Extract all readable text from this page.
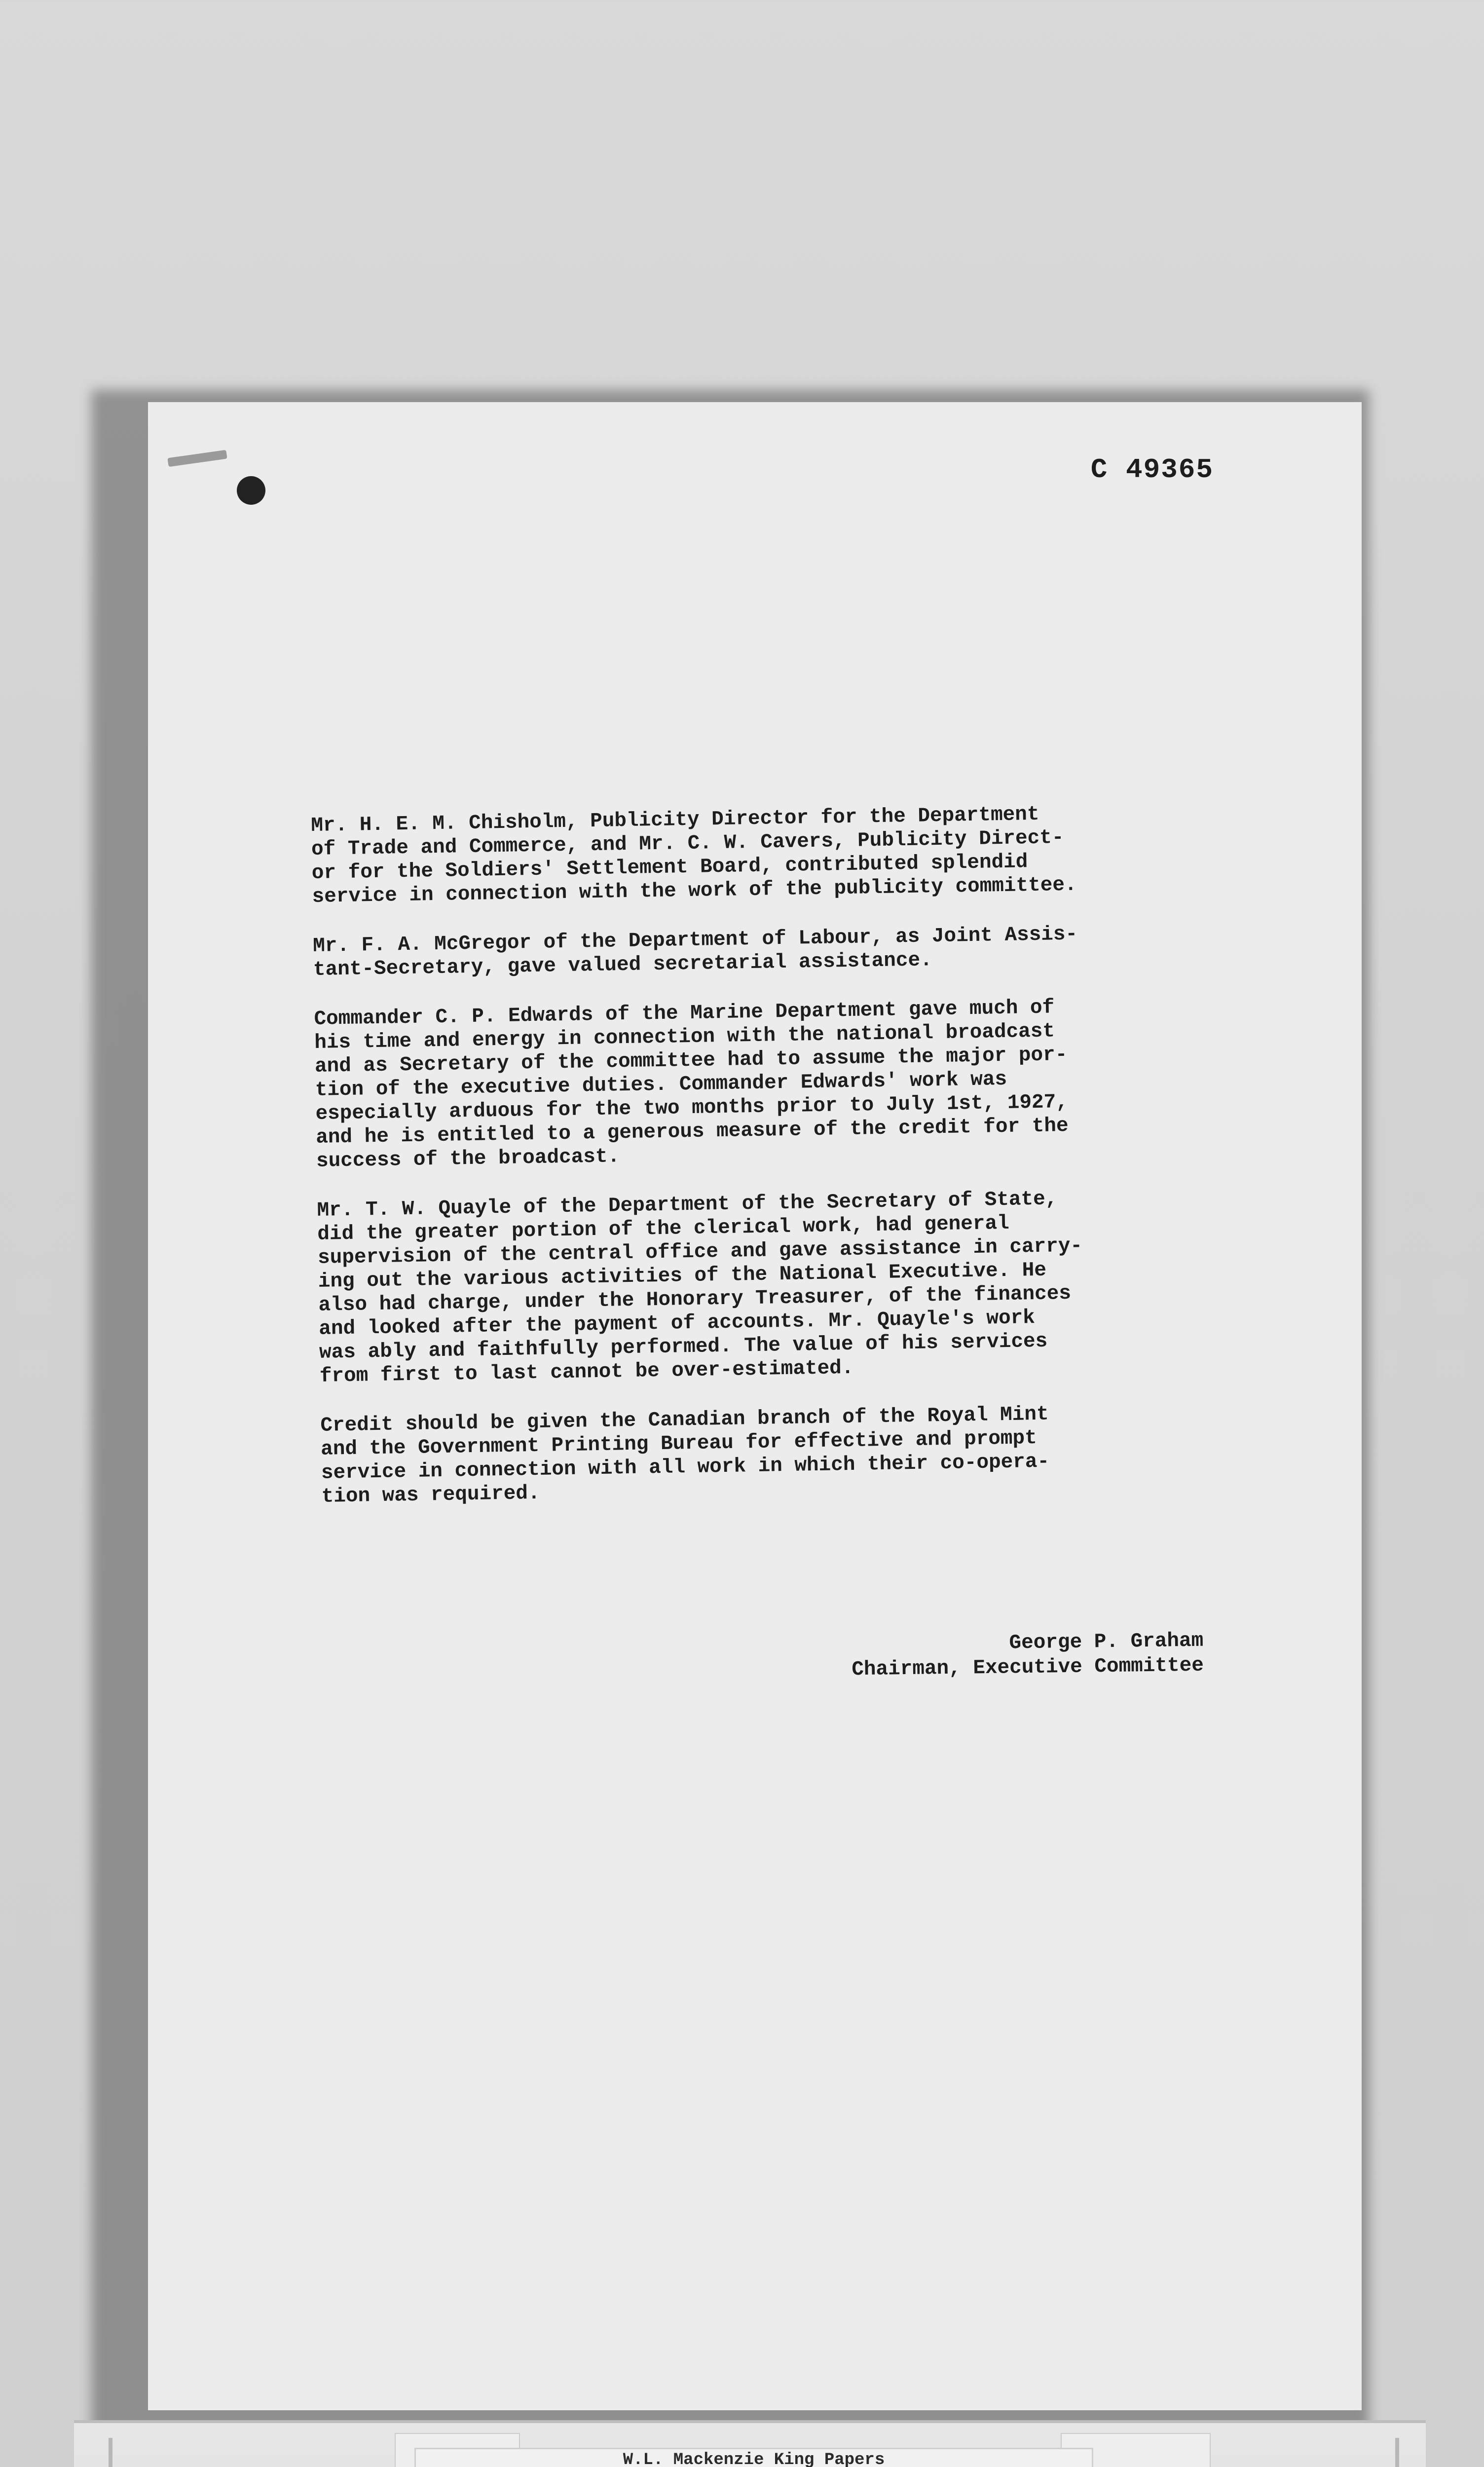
C 49365

Mr. H. E. M. Chisholm, Publicity Director for the Department
of Trade and Commerce, and Mr. C. W. Cavers, Publicity Direct-
or for the Soldiers' Settlement Board, contributed splendid
service in connection with the work of the publicity committee.

Mr. F. A. McGregor of the Department of Labour, as Joint Assis-
tant-Secretary, gave valued secretarial assistance.

Commander C. P. Edwards of the Marine Department gave much of
his time and energy in connection with the national broadcast
and as Secretary of the committee had to assume the major por-
tion of the executive duties. Commander Edwards' work was
especially arduous for the two months prior to July 1st, 1927,
and he is entitled to a generous measure of the credit for the
success of the broadcast.

Mr. T. W. Quayle of the Department of the Secretary of State,
did the greater portion of the clerical work, had general
supervision of the central office and gave assistance in carry-
ing out the various activities of the National Executive. He
also had charge, under the Honorary Treasurer, of the finances
and looked after the payment of accounts. Mr. Quayle's work
was ably and faithfully performed. The value of his services
from first to last cannot be over-estimated.

Credit should be given the Canadian branch of the Royal Mint
and the Government Printing Bureau for effective and prompt
service in connection with all work in which their co-opera-
tion was required.

George P. Graham
Chairman, Executive Committee
W.L. Mackenzie King Papers
